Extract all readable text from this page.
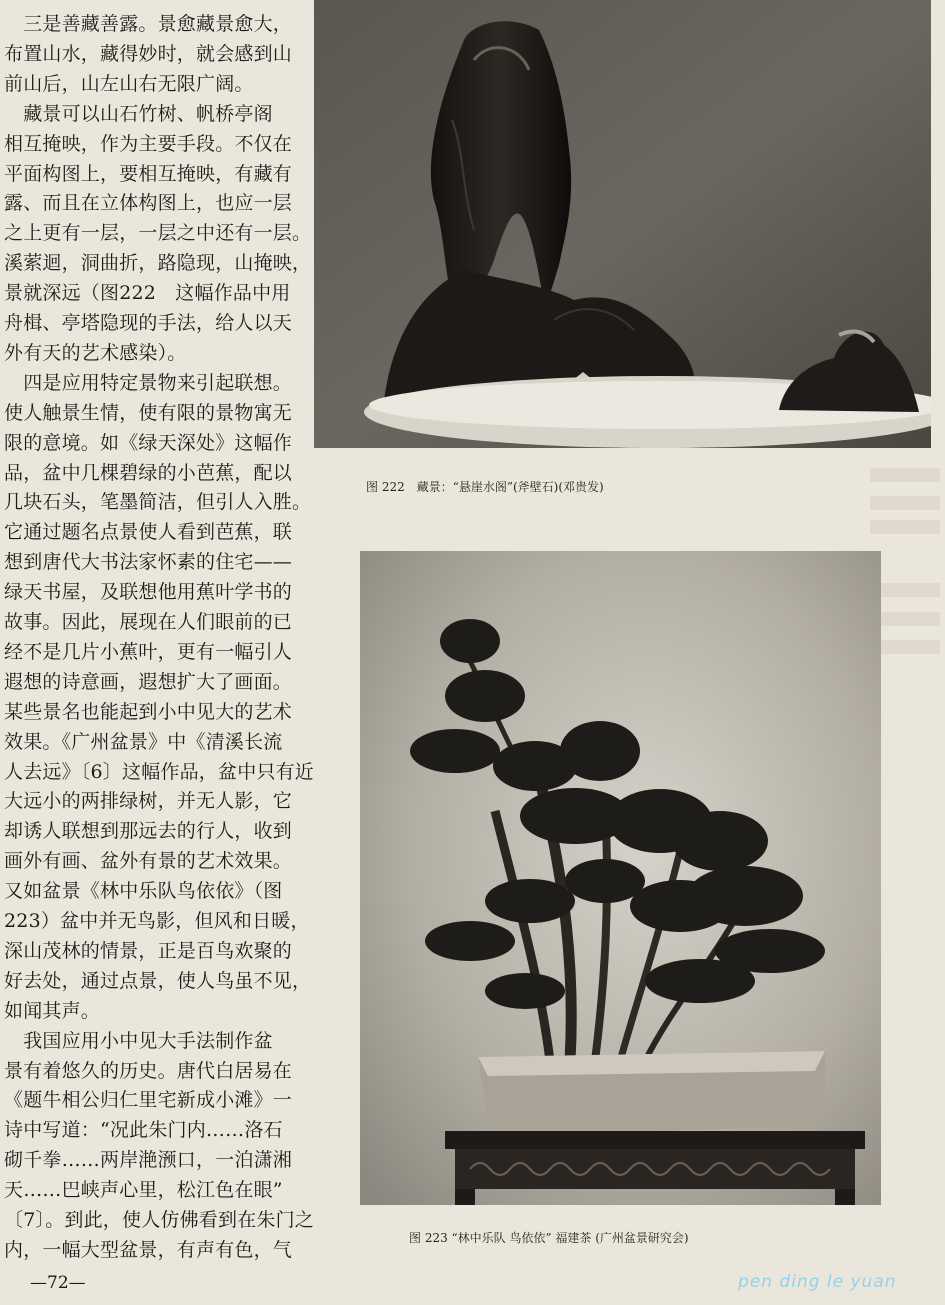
　三是善藏善露。景愈藏景愈大，
布置山水，藏得妙时，就会感到山
前山后，山左山右无限广阔。
　藏景可以山石竹树、帆桥亭阁
相互掩映，作为主要手段。不仅在
平面构图上，要相互掩映，有藏有
露、而且在立体构图上，也应一层
之上更有一层，一层之中还有一层。
溪萦迴，洞曲折，路隐现，山掩映，
景就深远（图222　这幅作品中用
舟楫、亭塔隐现的手法，给人以天
外有天的艺术感染）。
　四是应用特定景物来引起联想。
使人触景生情，使有限的景物寓无
限的意境。如《绿天深处》这幅作
品，盆中几棵碧绿的小芭蕉，配以
几块石头，笔墨简洁，但引人入胜。
它通过题名点景使人看到芭蕉，联
想到唐代大书法家怀素的住宅——
绿天书屋，及联想他用蕉叶学书的
故事。因此，展现在人们眼前的已
经不是几片小蕉叶，更有一幅引人
遐想的诗意画，遐想扩大了画面。
某些景名也能起到小中见大的艺术
效果。《广州盆景》中《清溪长流
人去远》〔6〕这幅作品，盆中只有近
大远小的两排绿树，并无人影，它
却诱人联想到那远去的行人，收到
画外有画、盆外有景的艺术效果。
又如盆景《林中乐队鸟依依》（图
223）盆中并无鸟影，但风和日暖，
深山茂林的情景，正是百鸟欢聚的
好去处，通过点景，使人鸟虽不见，
如闻其声。
　我国应用小中见大手法制作盆
景有着悠久的历史。唐代白居易在
《题牛相公归仁里宅新成小滩》一
诗中写道：“况此朱门内……洛石
砌千拳……两岸滟滪口，一泊潇湘
天……巴峡声心里，松江色在眼”
〔7〕。到此，使人仿佛看到在朱门之
内，一幅大型盆景，有声有色，气
图 222　藏景：“悬崖水阁”(斧壁石)(邓贵发)
图 223 “林中乐队 鸟依依” 福建茶 (广州盆景研究会)
—72—	pen ding le yuan
